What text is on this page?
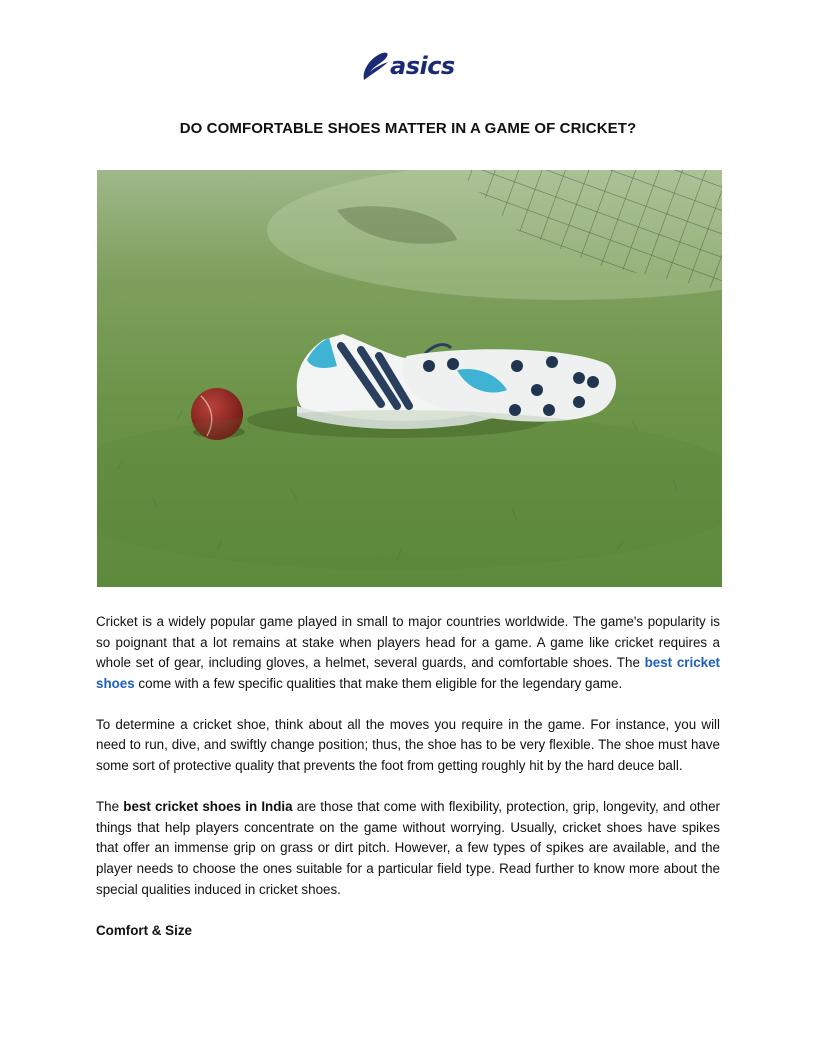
asics
DO COMFORTABLE SHOES MATTER IN A GAME OF CRICKET?

Cricket is a widely popular game played in small to major countries worldwide. The game's popularity is so poignant that a lot remains at stake when players head for a game. A game like cricket requires a whole set of gear, including gloves, a helmet, several guards, and comfortable shoes. The best cricket shoes come with a few specific qualities that make them eligible for the legendary game.

To determine a cricket shoe, think about all the moves you require in the game. For instance, you will need to run, dive, and swiftly change position; thus, the shoe has to be very flexible. The shoe must have some sort of protective quality that prevents the foot from getting roughly hit by the hard deuce ball.

The best cricket shoes in India are those that come with flexibility, protection, grip, longevity, and other things that help players concentrate on the game without worrying. Usually, cricket shoes have spikes that offer an immense grip on grass or dirt pitch. However, a few types of spikes are available, and the player needs to choose the ones suitable for a particular field type. Read further to know more about the special qualities induced in cricket shoes.

Comfort & Size
